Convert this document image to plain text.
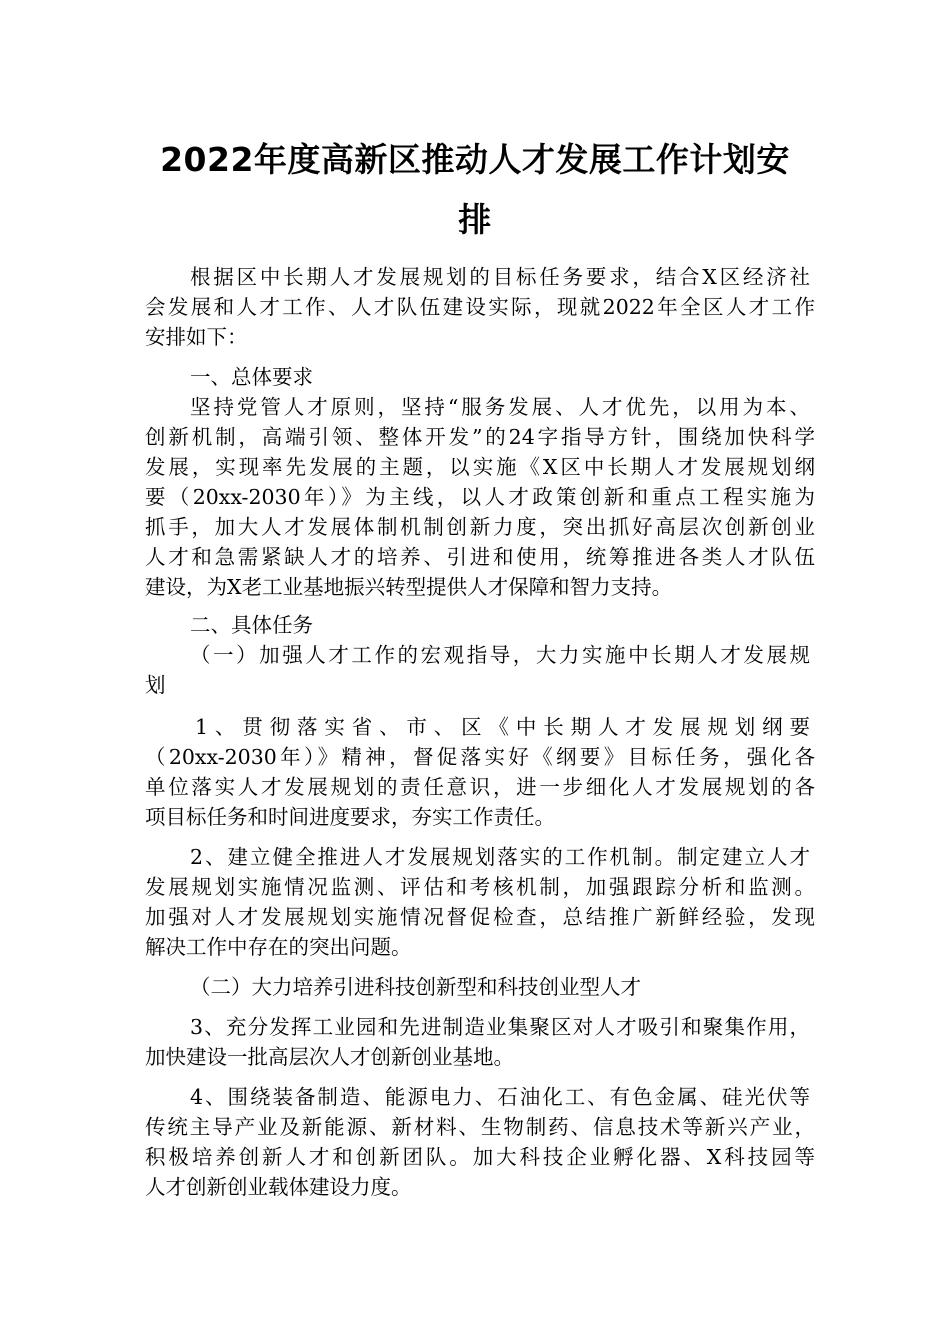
2022年度高新区推动人才发展工作计划安
排
根据区中长期人才发展规划的目标任务要求，结合X区经济社
会发展和人才工作、人才队伍建设实际，现就2022年全区人才工作
安排如下：
一、总体要求
坚持党管人才原则，坚持“服务发展、人才优先，以用为本、
创新机制，高端引领、整体开发”的24字指导方针，围绕加快科学
发展，实现率先发展的主题，以实施《X区中长期人才发展规划纲
要（20xx-2030年）》为主线，以人才政策创新和重点工程实施为
抓手，加大人才发展体制机制创新力度，突出抓好高层次创新创业
人才和急需紧缺人才的培养、引进和使用，统筹推进各类人才队伍
建设，为X老工业基地振兴转型提供人才保障和智力支持。
二、具体任务
（一）加强人才工作的宏观指导，大力实施中长期人才发展规
划
1、贯彻落实省、市、区《中长期人才发展规划纲要
（20xx-2030年）》精神，督促落实好《纲要》目标任务，强化各
单位落实人才发展规划的责任意识，进一步细化人才发展规划的各
项目标任务和时间进度要求，夯实工作责任。
2、建立健全推进人才发展规划落实的工作机制。制定建立人才
发展规划实施情况监测、评估和考核机制，加强跟踪分析和监测。
加强对人才发展规划实施情况督促检查，总结推广新鲜经验，发现
解决工作中存在的突出问题。
（二）大力培养引进科技创新型和科技创业型人才
3、充分发挥工业园和先进制造业集聚区对人才吸引和聚集作用，
加快建设一批高层次人才创新创业基地。
4、围绕装备制造、能源电力、石油化工、有色金属、硅光伏等
传统主导产业及新能源、新材料、生物制药、信息技术等新兴产业，
积极培养创新人才和创新团队。加大科技企业孵化器、X科技园等
人才创新创业载体建设力度。
